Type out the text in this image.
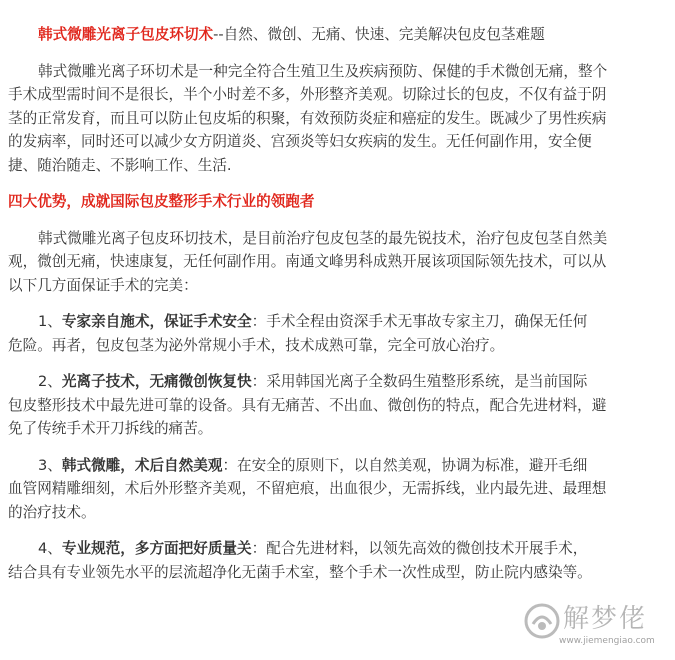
韩式微雕光离子包皮环切术--自然、微创、无痛、快速、完美解决包皮包茎难题
韩式微雕光离子环切术是一种完全符合生殖卫生及疾病预防、保健的手术微创无痛，整个
手术成型需时间不是很长，半个小时差不多，外形整齐美观。切除过长的包皮，不仅有益于阴
茎的正常发育，而且可以防止包皮垢的积聚，有效预防炎症和癌症的发生。既减少了男性疾病
的发病率，同时还可以减少女方阴道炎、宫颈炎等妇女疾病的发生。无任何副作用，安全便
捷、随治随走、不影响工作、生活.
四大优势，成就国际包皮整形手术行业的领跑者
韩式微雕光离子包皮环切技术，是目前治疗包皮包茎的最先锐技术，治疗包皮包茎自然美
观，微创无痛，快速康复，无任何副作用。南通文峰男科成熟开展该项国际领先技术，可以从
以下几方面保证手术的完美：
1、专家亲自施术，保证手术安全：手术全程由资深手术无事故专家主刀，确保无任何
危险。再者，包皮包茎为泌外常规小手术，技术成熟可靠，完全可放心治疗。
2、光离子技术，无痛微创恢复快：采用韩国光离子全数码生殖整形系统，是当前国际
包皮整形技术中最先进可靠的设备。具有无痛苦、不出血、微创伤的特点，配合先进材料，避
免了传统手术开刀拆线的痛苦。
3、韩式微雕，术后自然美观：在安全的原则下，以自然美观，协调为标准，避开毛细
血管网精雕细刻，术后外形整齐美观，不留疤痕，出血很少，无需拆线，业内最先进、最理想
的治疗技术。
4、专业规范，多方面把好质量关：配合先进材料，以领先高效的微创技术开展手术，
结合具有专业领先水平的层流超净化无菌手术室，整个手术一次性成型，防止院内感染等。
解梦佬
www.jiemengiao.com
